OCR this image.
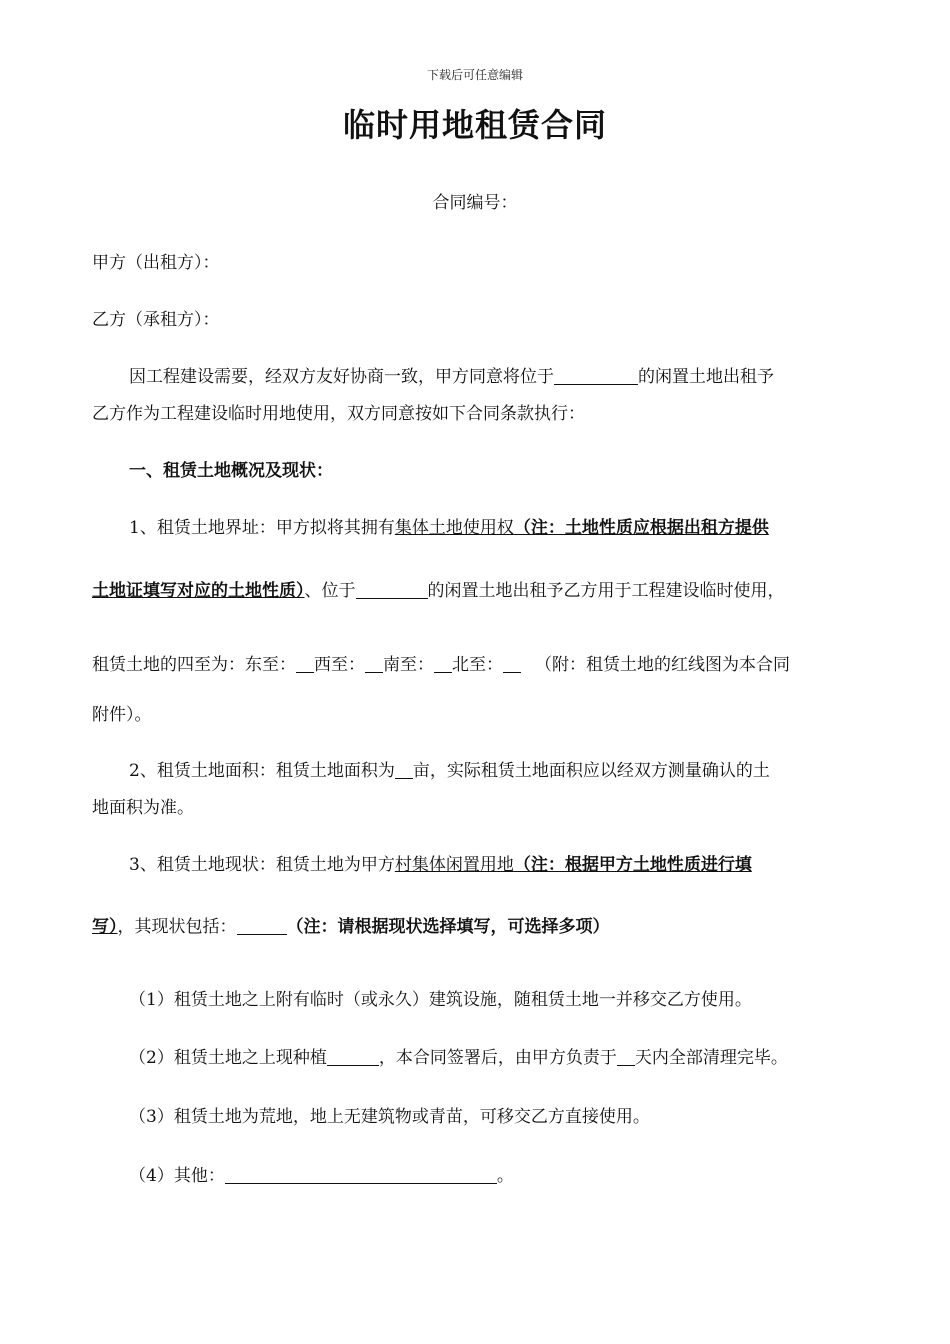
下载后可任意编辑
临时用地租赁合同
合同编号：
甲方（出租方）：
乙方（承租方）：
因工程建设需要，经双方友好协商一致，甲方同意将位于	的闲置土地出租予
乙方作为工程建设临时用地使用，双方同意按如下合同条款执行：
一、租赁土地概况及现状：
1、租赁土地界址：甲方拟将其拥有集体土地使用权（注：土地性质应根据出租方提供
土地证填写对应的土地性质）、位于	的闲置土地出租予乙方用于工程建设临时使用，
租赁土地的四至为：东至： 西至： 南至： 北至： （附：租赁土地的红线图为本合同
附件）。
2、租赁土地面积：租赁土地面积为 亩，实际租赁土地面积应以经双方测量确认的土
地面积为准。
3、租赁土地现状：租赁土地为甲方村集体闲置用地（注：根据甲方土地性质进行填
写），其现状包括：	（注：请根据现状选择填写，可选择多项）
（1）租赁土地之上附有临时（或永久）建筑设施，随租赁土地一并移交乙方使用。
（2）租赁土地之上现种植	，本合同签署后，由甲方负责于 天内全部清理完毕。
（3）租赁土地为荒地，地上无建筑物或青苗，可移交乙方直接使用。
（4）其他：	。
